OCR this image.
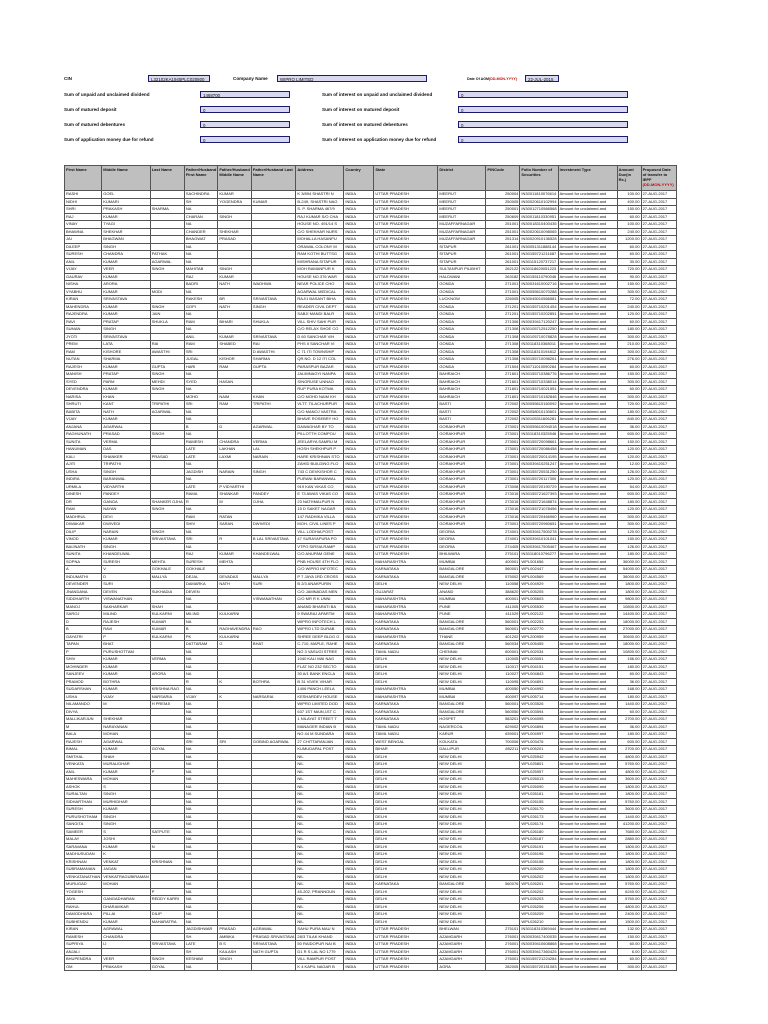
CIN	L32102KA1945PLC020800	Company Name	WIPRO LIMITED	Date Of AGM(DD-MON-YYYY)	22-JUL-2015
Sum of unpaid and unclaimed dividend	1468700	Sum of interest on unpaid and unclaimed dividend	0
Sum of matured deposit	0	Sum of interest on matured deposit	0
Sum of matured debentures	0	Sum of interest on matured debentures	0
Sum of application money due for refund	0	Sum of interest on application money due for refund	0
First Name	Middle Name	Last Name	Father/Husband First Name	Father/Husband Middle Name	Father/Husband Last Name	Address	Country	State	District	PINCode	Folio Number of Securities	Investment Type	Amount Due(in Rs.)	Proposed Date of transfer to IEPF
(DD-MON-YYYY)
RASHI	GOEL		SACHINDRA	KUMAR		K 3/894 SHASTRI N	INDIA	UTTAR PRADESH	MEERUT	250004	IN30011810076614	Amount for unclaimed and	100.00	27-AUG-2017
NIDHI	KUMARI		SH	YOGENDRA	KUMAR	B-249, SHASTRI NAG	INDIA	UTTAR PRADESH	MEERUT	250005	IN30020610102994	Amount for unclaimed and	400.00	27-AUG-2017
SHRI	PRAKASH	SHARMA	NA			S. P. SHARMA 467/9	INDIA	UTTAR PRADESH	MEERUT	250001	IN30012710566568	Amount for unclaimed and	150.00	27-AUG-2017
RAJ	KUMAR		CHARAN	SINGH		RAJ KUMAR S/O CHA	INDIA	UTTAR PRADESH	MEERUT	250609	IN30011810330951	Amount for unclaimed and	60.00	27-AUG-2017
VINAY	TYAGI		NA			HOUSE NO. 491/14 S	INDIA	UTTAR PRADESH	MUZAFFARNAGAR	251001	IN30018310400435	Amount for unclaimed and	100.00	27-AUG-2017
BHAWNA	SHEKHAR		CHANDER	SHEKHAR		C/O SHEKHAR NURS	INDIA	UTTAR PRADESH	MUZAFFARNAGAR	251001	IN30020610098065	Amount for unclaimed and	240.00	27-AUG-2017
JAI	BHAGWAN		BHAGWAT	PRASAD		MOHALLA HASANPU	INDIA	UTTAR PRADESH	MUZAFFARNAGAR	251314	IN30020910136528	Amount for unclaimed and	1200.00	27-AUG-2017
DILEEP	SINGH		NA			ORAWAL COLONY M	INDIA	UTTAR PRADESH	SITAPUR	261001	IN30051311888144	Amount for unclaimed and	60.00	27-AUG-2017
SURESH	CHANDRA	PATHAK	NA			RAM KOTHI BUTTSG	INDIA	UTTAR PRADESH	SITAPUR	261001	IN30155721211687	Amount for unclaimed and	60.00	27-AUG-2017
ANIL	KUMAR	AGARWAL	NA			MISHRANA SITAPUR	INDIA	UTTAR PRADESH	SITAPUR	261001	IN30115120737217	Amount for unclaimed and	30.00	27-AUG-2017
VIJAY	VEER	SINGH	MAHITAB	SINGH		MOH RAMANPUR K	INDIA	UTTAR PRADESH	SULTANPUR PILIBHIT	262122	IN30118620051223	Amount for unclaimed and	720.00	27-AUG-2017
GAURAV	KUMAR		RAJ	KUMAR		HOUSE NO.376 WAR	INDIA	UTTAR PRADESH	HALDWANI	263182	IN30155110790046	Amount for unclaimed and	90.00	27-AUG-2017
NISHA	ARORA		BADRI	NATH	WADHWA	NEAR POLICE CHO	INDIA	UTTAR PRADESH	GONDA	271001	IN30031610002716	Amount for unclaimed and	150.00	27-AUG-2017
VYABHU	KUMAR	MODI	NA			AGARWAL MEDICAL	INDIA	UTTAR PRADESH	GONDA	271001	IN30055610070288	Amount for unclaimed and	300.00	27-AUG-2017
KIRAN	SRIVASTAVA		RAKESH	BR	SRIVASTAVA	RAJ/1 BASANT BIHA	INDIA	UTTAR PRADESH	LUCKNOW	226005	IN30045010566581	Amount for unclaimed and	72.00	27-AUG-2017
MAHENDRA	KUMAR	SINGH	GOPI	NATH	SINGH	READER CIVIL DEPT	INDIA	UTTAR PRADESH	GONDA	271201	IN30155710201454	Amount for unclaimed and	240.00	27-AUG-2017
RAJENDRA	KUMAR	JAIN	NA			SABJI MANDI BALR	INDIA	UTTAR PRADESH	GONDA	271201	IN30155710202851	Amount for unclaimed and	120.00	27-AUG-2017
RAVI	PRATAP	SHUKLA	RAM	BIHARI	SHUKLA	VILL SHIV SAHI PUR	INDIA	UTTAR PRADESH	GONDA	271306	IN30039417120247	Amount for unclaimed and	60.00	27-AUG-2017
SUMAN	SINGH		NA			C/O RELAX SHOE CO	INDIA	UTTAR PRADESH	GONDA	271308	IN30105712512250	Amount for unclaimed and	180.00	27-AUG-2017
JYOTI	SRIVASTAVA		ANIL	KUMAR	SRIVASTAVA	D 60 SANCHAR VIH	INDIA	UTTAR PRADESH	GONDA	271308	IN30105710078828	Amount for unclaimed and	300.00	27-AUG-2017
PREM	LATA	RAI	RAM	SHABED	RAI	PHS II SANCHAR VI	INDIA	UTTAR PRADESH	GONDA	271308	IN30118310368011	Amount for unclaimed and	210.00	27-AUG-2017
RAM	KISHORE	AWASTHI	SRI		D AWASTHI	C 71 ITI TOWNSHIP	INDIA	UTTAR PRADESH	GONDA	271308	IN30118310194812	Amount for unclaimed and	300.00	27-AUG-2017
NUTAN	SHARMA		JUGAL	KISHOR	SHARMA	QR.NO. D 12 ITI COL	INDIA	UTTAR PRADESH	GONDA	271308	IN30155710098261	Amount for unclaimed and	276.00	27-AUG-2017
RAJESH	KUMAR	GUPTA	HARI	RAM	GUPTA	PARASPUR BAZAR	INDIA	UTTAR PRADESH	GONDA	271504	IN30711010090284	Amount for unclaimed and	60.00	27-AUG-2017
MANISH	PRATAP	SINGH	NA			JALIMNAGYI NANPA	INDIA	UTTAR PRADESH	BAHRAICH	271801	IN30155710386776	Amount for unclaimed and	150.00	27-AUG-2017
SYED	PARM	MEHDI	SYED	HASAN		SINGRUSE UNNAO	INDIA	UTTAR PRADESH	BAHRAICH	271801	IN30155710338014	Amount for unclaimed and	300.00	27-AUG-2017
DEVENDRA	KUMAR	SINGH	NA			RUP PURA KOTWA	INDIA	UTTAR PRADESH	BAHRAICH	271801	IN30155710021551	Amount for unclaimed and	60.00	27-AUG-2017
NARISA	KHAN		MOHD	NAIM	KHAN	C/O MOHD NAIM KH	INDIA	UTTAR PRADESH	BAHRAICH	271801	IN30155710182846	Amount for unclaimed and	300.00	27-AUG-2017
SHRUTI	KANT	TRIPATHI	SRI	RAM	TRIPATHI	VLTT. TILACHURPUR	INDIA	UTTAR PRADESH	BASTI	272002	IN30055610160092	Amount for unclaimed and	720.00	27-AUG-2017
BABITA	NATH	AGARWAL	NA			C/O MANOJ VASTRA	INDIA	UTTAR PRADESH	BASTI	272002	IN30058010130601	Amount for unclaimed and	180.00	27-AUG-2017
VIJAY	KUMAR		NA			BHAVE ROSEBRY HO	INDIA	UTTAR PRADESH	BASTI	272002	IN30105311606281	Amount for unclaimed and	840.00	27-AUG-2017
ANJANA	AGARWAL		B	D	AGARWAL	DAWAGHAR BY TO	INDIA	UTTAR PRADESH	GORAKHPUR	273001	IN30055610094018	Amount for unclaimed and	36.00	27-AUG-2017
RAGHUNATH	PRASAD	SINGH	NA			PILLOTTH COMPOU	INDIA	UTTAR PRADESH	GORAKHPUR	273001	IN30118310325546	Amount for unclaimed and	600.00	27-AUG-2017
SUNITA	VERMA		RAMESH	CHANDRA	VERMA	JEELARYA SAMRU M	INDIA	UTTAR PRADESH	GORAKHPUR	273001	IN30155720098661	Amount for unclaimed and	150.00	27-AUG-2017
HANUMAN	DAS		LATE	LAKHAN	LAL	HOSH SHEKHPUR P	INDIA	UTTAR PRADESH	GORAKHPUR	273001	IN30155720086458	Amount for unclaimed and	120.00	27-AUG-2017
KALI	SHANKER	PRASAD	LATE	LAXMI	NARAIN	HARE KRISHNAN STO	INDIA	UTTAR PRADESH	GORAKHPUR	273001	IN30155720014195	Amount for unclaimed and	120.00	27-AUG-2017
AJITI	TRIPATHI		NA			ZAHID BUILDING FLO	INDIA	UTTAR PRADESH	GORAKHPUR	273001	IN30039410251247	Amount for unclaimed and	12.00	27-AUG-2017
USHA	SINGH		JAGDISH	NARAIN	SINGH	743 C DEVKISHOR C	INDIA	UTTAR PRADESH	GORAKHPUR	273001	IN30155720531250	Amount for unclaimed and	126.00	27-AUG-2017
INDIRA	BARANWAL		NA			PURANI BARANWAL	INDIA	UTTAR PRADESH	GORAKHPUR	273001	IN30155720117300	Amount for unclaimed and	120.00	27-AUG-2017
URMILA	VIDYARTHI		LATE	P VIDYARTHI		919 KAN VIKAS CO	INDIA	UTTAR PRADESH	GORAKHPUR	273008	IN30155720190729	Amount for unclaimed and	54.00	27-AUG-2017
DINESH	PANDEY		RAMA	SHANKAR	PANDEY	E 73 AWAS VIKAS CO	INDIA	UTTAR PRADESH	GORAKHPUR	273015	IN30155721627393	Amount for unclaimed and	600.00	27-AUG-2017
DR	GANGA	SHANKER OJHA	R	M	OJHA	23 NATHMALPUR N	INDIA	UTTAR PRADESH	GORAKHPUR	273015	IN30155721648874	Amount for unclaimed and	180.00	27-AUG-2017
RAM	NAYAN	SINGH	NA			15 D SAKET NAGAR	INDIA	UTTAR PRADESH	GORAKHPUR	273016	IN30155721078456	Amount for unclaimed and	120.00	27-AUG-2017
MADHRUL	DEVI		RAM	RATAN		147 RADHIKA VILLA	INDIA	UTTAR PRADESH	GORAKHPUR	273016	IN30155720466960	Amount for unclaimed and	300.00	27-AUG-2017
DIWAKAR	DWIVEDI		SHIV	SARAN	DWIVEDI	MOH- CIVIL LINES P	INDIA	UTTAR PRADESH	GORAKHPUR	273001	IN30155720960651	Amount for unclaimed and	300.00	27-AUG-2017
DILIP	NARAIN	SINGH	NA			VILL LODHIA POST	INDIA	UTTAR PRADESH	DEORIA	274001	IN30039417500278	Amount for unclaimed and	120.00	27-AUG-2017
VINOD	KUMAR	SRIVASTAVA	SRI	R	B LAL SRIVASTAVA	47 SURAYAPURA PO	INDIA	UTTAR PRADESH	DEORIA	274001	IN30039410101041	Amount for unclaimed and	150.00	27-AUG-2017
BAIJNATH	SINGH		NA			VTPO SIRSIA RAMP	INDIA	UTTAR PRADESH	DEORIA	274405	IN30039417505467	Amount for unclaimed and	126.00	27-AUG-2017
SUNITA	KHANDELWAL		RAJ	KUMAR	KHANDELWAL	C/O ANUPAM GENE	INDIA	UTTAR PRADESH	BHILWARA	275101	IN30118010796277	Amount for unclaimed and	180.00	27-AUG-2017
SOPNA	SURESH	MEHTA	SURESH	MEHTA		PNB HOUSE 4TH FLO	INDIA	MAHARASHTRA	MUMBAI	400001	WPL001656	Amount for unclaimed and	36000.00	27-AUG-2017
A	V	GOKHALE	GOKHALE			C/O WIPRO INFOTEC	INDIA	KARNATAKA	BANGALORE	560001	WPL002447	Amount for unclaimed and	54000.00	27-AUG-2017
INDUMATHI	D	MALLYA	DEJAL	DEVADAS	MALLYA	P 7 JAYA 1RD CROSS	INDIA	KARNATAKA	BANGALORE	575002	WPL004569	Amount for unclaimed and	36000.00	27-AUG-2017
DEVENDER	SURI		DAMARKA	NATH	SURI	B 2/3 ANAKPURIN	INDIA	DELHI	NEW DELHI	110058	WPL004929	Amount for unclaimed and	1800.00	27-AUG-2017
JNANDANA	DEVEN	SUKHADIA	DEVEN			C/O JAMNADAS MEN	INDIA	GUJARAT	ANAND	388620	WPL005205	Amount for unclaimed and	1800.00	27-AUG-2017
SIDDHARTH	VISWANATHAN		NA		VISWANATHAN	C/O MR R K UNNI	INDIA	MAHARASHTRA	MUMBAI	400001	WPL005603	Amount for unclaimed and	9800.00	27-AUG-2017
MANOJ	SAKHARKAR	SHAH	NA			ANAND BHARATI BA	INDIA	MAHARASHTRA	PUNE	411005	WPL005530	Amount for unclaimed and	10800.00	27-AUG-2017
SAROJ	MILIND	KULKARNI	MILIND	KULKARNI		9 SWARAJ APARTM	INDIA	MAHARASHTRA	PUNE	411029	WPL002122	Amount for unclaimed and	14400.00	27-AUG-2017
D	RAJESH	KUMAR	NA			WIPRO INFOTECH L	INDIA	KARNATAKA	BANGALORE	560001	WPL002253	Amount for unclaimed and	18000.00	27-AUG-2017
B	RAVI	KUMAR	B	RAGHAVENDRA	RAO	WIPRO LTD DURAB	INDIA	KARNATAKA	BANGALORE	560001	WPL002770	Amount for unclaimed and	27000.00	27-AUG-2017
GAYATRI	P	KULKARNI	PK	KULKARNI		SHREE DEEP BLDG G	INDIA	MAHARASHTRA	THANE	401202	WPL200959	Amount for unclaimed and	30600.00	27-AUG-2017
TAPAN	BHAT		DATTARAM	G	BHAT	C-710, MAPLE, RAHE	INDIA	KARNATAKA	BANGALORE	560034	WPL005455	Amount for unclaimed and	18000.00	27-AUG-2017
P	PURUSHOTTAM		NA			NO 3 VASUGI STREE	INDIA	TAMIL NADU	CHENNAI	600001	WPL002034	Amount for unclaimed and	10800.00	27-AUG-2017
SHIV	KUMAR	VERMA	NA			1040 KALI MAI NAG	INDIA	DELHI	NEW DELHI	110005	WPL003051	Amount for unclaimed and	156.00	27-AUG-2017
MOHINDER	KUMAR		NA			FLAT NO 232 SECTO	INDIA	DELHI	NEW DELHI	110017	WPL004151	Amount for unclaimed and	180.00	27-AUG-2017
SANJEEV	KUMAR	ARORA	NA			30 A/1 BANK ENCLA	INDIA	DELHI	NEW DELHI	110027	WPL004843	Amount for unclaimed and	60.00	27-AUG-2017
PRAMOD	BOTHRA		R	K	BOTHRA	B 31 VIVEK VIHAR	INDIA	DELHI	NEW DELHI	110095	WPL004891	Amount for unclaimed and	36.00	27-AUG-2017
SUDARSHAN	KUMAR	KRISHNA RAO	NA			1406 PANCH LEELA	INDIA	MAHARASHTRA	MUMBAI	400050	WPL004992	Amount for unclaimed and	168.00	27-AUG-2017
USHA	VIJAY	NARSARIA	VIJAY	K	NARSARIA	KESHARDEV HOUSE	INDIA	MAHARASHTRA	MUMBAI	400097	WPL005714	Amount for unclaimed and	180.00	27-AUG-2017
NILAMANDO	M	H PREMJI	NA			WIPRO LIMITED DOD	INDIA	KARNATAKA	BANGALORE	560001	WPL003526	Amount for unclaimed and	1440.00	27-AUG-2017
DIVYA			NA			637 1ST MAIN,1ST C	INDIA	KARNATAKA	BANGALORE	560050	WPL003594	Amount for unclaimed and	60.00	27-AUG-2017
MALLIKARJUN	SHEKHAR		NA			1 NILAYAT STREET T	INDIA	KARNATAKA	HOSPET	583201	WPL004095	Amount for unclaimed and	2700.00	27-AUG-2017
M	NARAYANAN		NA			MANAGER INDIAN B	INDIA	TAMIL NADU	NAGERCOIL	629002	WPL004894	Amount for unclaimed and	36.00	27-AUG-2017
BALA	MOHAN		NA			NO 44 M SUNDARA	INDIA	TAMIL NADU	KARUR	639001	WPL004997	Amount for unclaimed and	180.00	27-AUG-2017
RAJESH	AGARWAL		SRI	SRI	GOBIND AGARWAL	27 CHITTARANJAN	INDIA	WEST BENGAL	KOLKATA	700006	WPL003476	Amount for unclaimed and	600.00	27-AUG-2017
BIMAL	KUMAR	GOYAL	NA			KUMUDAPAL POST	INDIA	BIHAR	DALLIPUR	852211	WPL005201	Amount for unclaimed and	2700.00	27-AUG-2017
SMITHAL	SHAH		NA			NIL	INDIA	DELHI	NEW DELHI		WPL025942	Amount for unclaimed and	4800.00	27-AUG-2017
VENKATA	MURALIDHAR		NA			NIL	INDIA	DELHI	NEW DELHI		WPL025801	Amount for unclaimed and	5760.00	27-AUG-2017
ANIL	KUMAR	P	NA			NIL	INDIA	DELHI	NEW DELHI		WPL025957	Amount for unclaimed and	4800.00	27-AUG-2017
MAHESWARA	MOHAN		NA			NIL	INDIA	DELHI	NEW DELHI		WPL026013	Amount for unclaimed and	3600.00	27-AUG-2017
ASHOK	S		NA			NIL	INDIA	DELHI	NEW DELHI		WPL026090	Amount for unclaimed and	1800.00	27-AUG-2017
SURALTAN	SINGH		NA			NIL	INDIA	DELHI	NEW DELHI		WPL026161	Amount for unclaimed and	1800.00	27-AUG-2017
SIDHARTHAN	MURHIDHAR		NA			NIL	INDIA	DELHI	NEW DELHI		WPL026155	Amount for unclaimed and	5760.00	27-AUG-2017
SURESH	KUMAR		NA			NIL	INDIA	DELHI	NEW DELHI		WPL026170	Amount for unclaimed and	3600.00	27-AUG-2017
PURUSHOTHAM	SINGH		NA			NIL	INDIA	DELHI	NEW DELHI		WPL026173	Amount for unclaimed and	1440.00	27-AUG-2017
SANGITA	SINGH		NA			NIL	INDIA	DELHI	NEW DELHI		WPL026174	Amount for unclaimed and	41200.00	27-AUG-2017
SAMEER	S	SATPUTE	NA			NIL	INDIA	DELHI	NEW DELHI		WPL026180	Amount for unclaimed and	7680.00	27-AUG-2017
MALAY	JOSHI		NA			NIL	INDIA	DELHI	NEW DELHI		WPL026187	Amount for unclaimed and	2880.00	27-AUG-2017
SARAVANA	KUMAR	N	NA			NIL	INDIA	DELHI	NEW DELHI		WPL026191	Amount for unclaimed and	1800.00	27-AUG-2017
MADHUSUDAN	K		NA			NIL	INDIA	DELHI	NEW DELHI		WPL026196	Amount for unclaimed and	1800.00	27-AUG-2017
KRISHNAN	VENKAT	KRISHNAN	NA			NIL	INDIA	DELHI	NEW DELHI		WPL026198	Amount for unclaimed and	1800.00	27-AUG-2017
SUBRAMANIAN	JAGAN		NA			NIL	INDIA	DELHI	NEW DELHI		WPL026200	Amount for unclaimed and	1800.00	27-AUG-2017
VENKATANATHAN	VENKATRAGUBIRAMAN		NA			NIL	INDIA	DELHI	NEW DELHI		WPL026202	Amount for unclaimed and	1800.00	27-AUG-2017
MURUGAD	MOHAN		NA			NIL	INDIA	KARNATAKA	BANGALORE	560076	WPL026201	Amount for unclaimed and	5760.00	27-AUG-2017
YOGESH		P	NA			45-202, PRANNOUN	INDIA	DELHI	NEW DELHI		WPL026202	Amount for unclaimed and	6240.00	27-AUG-2017
JAYA	GANGADHARAN	REDDY KARRI	NA			NIL	INDIA	DELHI	NEW DELHI		WPL026203	Amount for unclaimed and	5760.00	27-AUG-2017
RAHUL	DHARAMKAR		NA			NIL	INDIA	DELHI	NEW DELHI		WPL026206	Amount for unclaimed and	4800.00	27-AUG-2017
DAMODHARA	PILLAI	DILIP	NA			NIL	INDIA	DELHI	NEW DELHI		WPL026209	Amount for unclaimed and	2400.00	27-AUG-2017
SUBHENDU	KUMAR	MAHARATRA	NA			NIL	INDIA	DELHI	NEW DELHI		WPL026210	Amount for unclaimed and	1500.00	27-AUG-2017
KIRAN	AGRAWAL		JAGDISHWAR	PRASAD	AGRAWAL	SAHU PURA MAU N	INDIA	UTTAR PRADESH	BHELWAN	275101	IN30118310369444	Amount for unclaimed and	132.00	27-AUG-2017
RAMESH	CHANDRA		SH	AMBIKA	PRASAD SRIVASTAVA	28/3 TILAK KHAND	INDIA	UTTAR PRADESH	AZAMGARH	276001	IN30039417400035	Amount for unclaimed and	150.00	27-AUG-2017
SUPRIYA	IJ	SRIVASTAVA	LATE	B S	SRIVASTAVA	50 RAIDOPUR NAI B	INDIA	UTTAR PRADESH	AZAMGARH	276001	IN30039410608868	Amount for unclaimed and	60.00	27-AUG-2017
ANJALI			SH	KAILASH	NATH GUPTA	D1 R S LAL NO 1779	INDIA	UTTAR PRADESH	AZAMGARH	276001	IN30039417360425	Amount for unclaimed and	6.00	27-AUG-2017
BHUPENDRA	VEER	SINGH	KESHAW	SINGH		VILL RAMPUR POST	INDIA	UTTAR PRADESH	AZAMGARH	276001	IN30155721224284	Amount for unclaimed and	60.00	27-AUG-2017
OM	PRAKASH	GOYAL	NA			K 4 KAPIL NAGAR B	INDIA	UTTAR PRADESH	AGRA	282005	IN30155720151083	Amount for unclaimed and	300.00	27-AUG-2017
